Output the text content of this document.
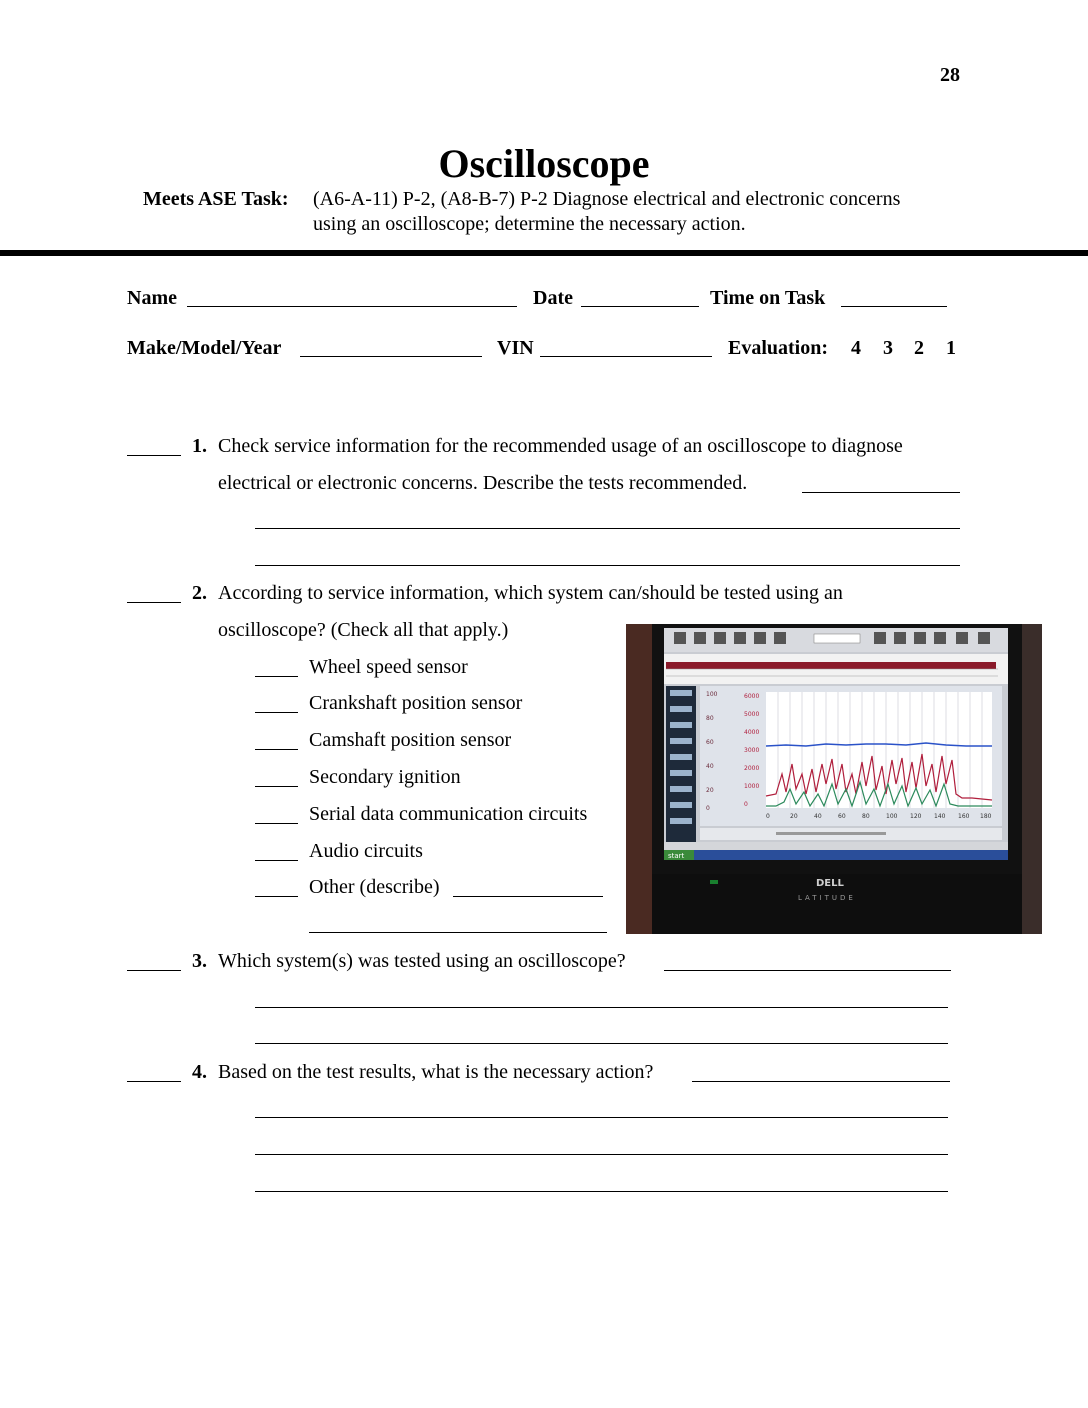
28
Oscilloscope
Meets ASE Task: (A6-A-11) P-2, (A8-B-7) P-2 Diagnose electrical and electronic concerns
using an oscilloscope; determine the necessary action.
Name	Date	Time on Task
Make/Model/Year	VIN	Evaluation: 4 3 2 1
1. Check service information for the recommended usage of an oscilloscope to diagnose
electrical or electronic concerns. Describe the tests recommended.
2. According to service information, which system can/should be tested using an
oscilloscope? (Check all that apply.)
Wheel speed sensor
Crankshaft position sensor
Camshaft position sensor
Secondary ignition
Serial data communication circuits
Audio circuits
Other (describe)
100
80
60
40
20
0
6000
5000
4000
3000
2000
1000
0
0	20	40	60	80	100 120 140 160 180
start
DELL
LATITUDE
3. Which system(s) was tested using an oscilloscope?
4. Based on the test results, what is the necessary action?
